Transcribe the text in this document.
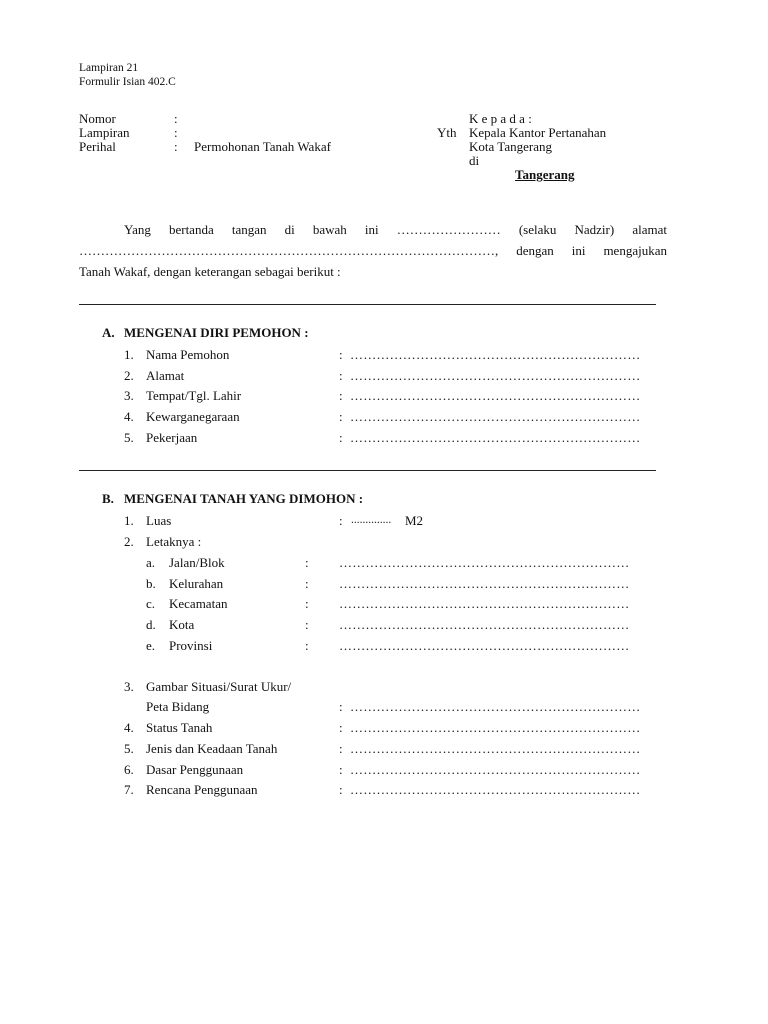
Lampiran 21
Formulir Isian 402.C
Nomor	:
Lampiran	:
Perihal	: Permohonan Tanah Wakaf
K e p a d a :
Yth Kepala Kantor Pertanahan
Kota Tangerang
di
Tangerang
Yang bertanda tangan di bawah ini …………………… (selaku Nadzir) alamat
……………………………………………………………………………………, dengan ini mengajukan
Tanah Wakaf, dengan keterangan sebagai berikut :
A. MENGENAI DIRI PEMOHON :
1. Nama Pemohon	: …………………………………………………………
2. Alamat	: …………………………………………………………
3. Tempat/Tgl. Lahir	: …………………………………………………………
4. Kewarganegaraan	: …………………………………………………………
5. Pekerjaan	: …………………………………………………………
B. MENGENAI TANAH YANG DIMOHON :
1. Luas	: .............. M2
2. Letaknya :
a. Jalan/Blok	: …………………………………………………………
b. Kelurahan	: …………………………………………………………
c. Kecamatan	: …………………………………………………………
d. Kota	: …………………………………………………………
e. Provinsi	: …………………………………………………………
3. Gambar Situasi/Surat Ukur/
Peta Bidang	: …………………………………………………………
4. Status Tanah	: …………………………………………………………
5. Jenis dan Keadaan Tanah	: …………………………………………………………
6. Dasar Penggunaan	: …………………………………………………………
7. Rencana Penggunaan	: …………………………………………………………
